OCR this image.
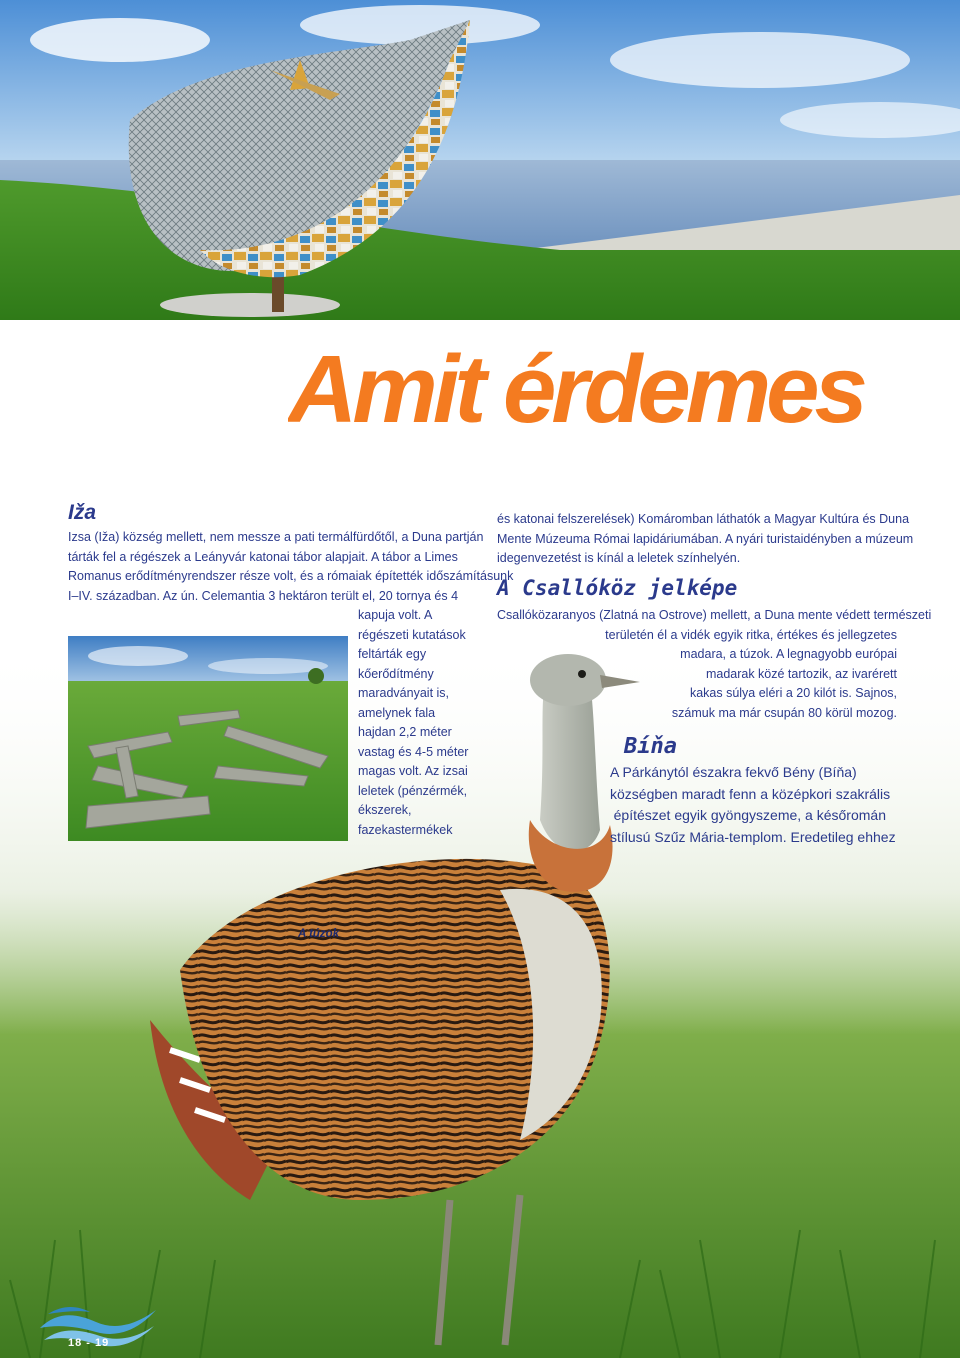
Amit érdemes
Iža

Izsa (Iža) község mellett, nem messze a pati termálfürdőtől, a Duna partján
tárták fel a régészek a Leányvár katonai tábor alapjait. A tábor a Limes
Romanus erődítményrendszer része volt, és a rómaiak építették időszámításunk
I–IV. században. Az ún. Celemantia 3 hektáron terült el, 20 tornya és 4

kapuja volt. A
régészeti kutatások
feltárták egy
kőerődítmény
maradványait is,
amelynek fala
hajdan 2,2 méter
vastag és 4-5 méter
magas volt. Az izsai
leletek (pénzérmék,
ékszerek,
fazekastermékek

és katonai felszerelések) Komáromban láthatók a Magyar Kultúra és Duna
Mente Múzeuma Római lapidáriumában. A nyári turistaidényben a múzeum
idegenvezetést is kínál a leletek színhelyén.

A Csallóköz jelképe

Csallóközaranyos (Zlatná na Ostrove) mellett, a Duna mente védett természeti
területén él a vidék egyik ritka, értékes és jellegzetes
madara, a túzok. A legnagyobb európai
madarak közé tartozik, az ivarérett
kakas súlya eléri a 20 kilót is. Sajnos,
számuk ma már csupán 80 körül mozog.

Bíňa

A Párkánytól északra fekvő Bény (Bíňa)
községben maradt fenn a középkori szakrális
építészet egyik gyöngyszeme, a későromán
stílusú Szűz Mária-templom. Eredetileg ehhez

A túzok

18 - 19
